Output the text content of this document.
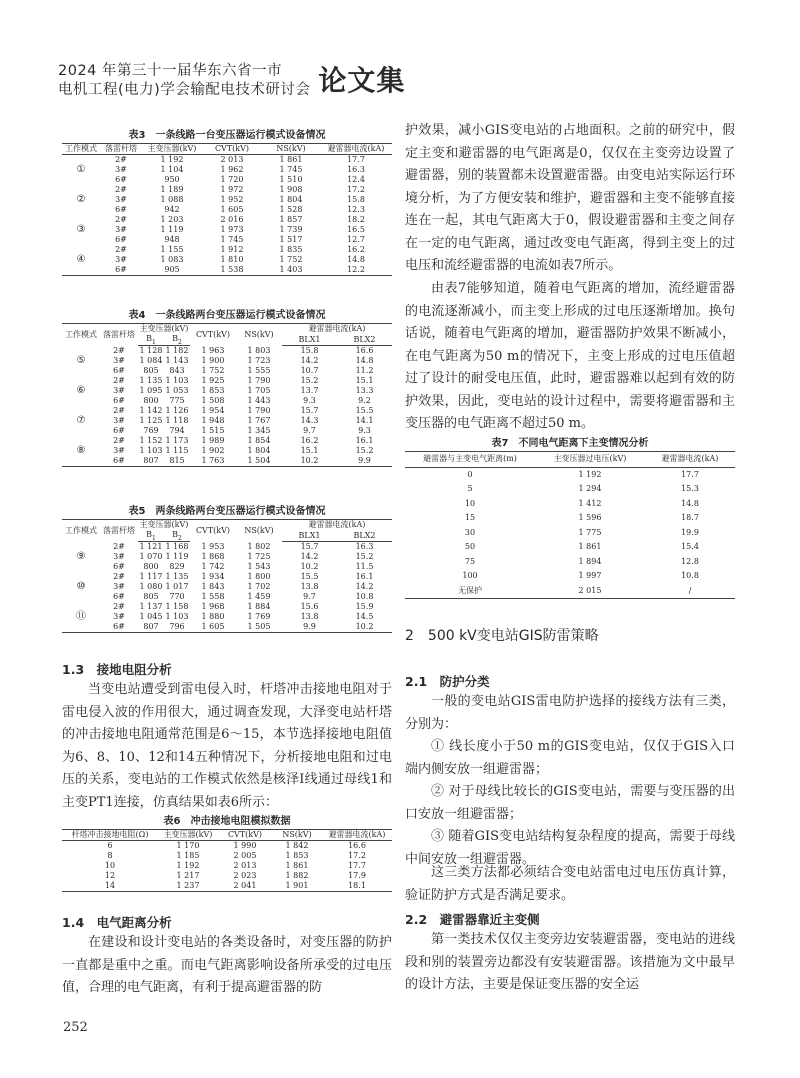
2024 年第三十一届华东六省一市
电机工程(电力)学会输配电技术研讨会 论文集
表3　一条线路一台变压器运行模式设备情况
工作模式	落雷杆塔	主变压器(kV)	CVT(kV)	NS(kV)	避雷器电流(kA)
①	2#	1 192	2 013	1 861	17.7
	3#	1 104	1 962	1 745	16.3
	6#	950	1 720	1 510	12.4
②	2#	1 189	1 972	1 908	17.2
	3#	1 088	1 952	1 804	15.8
	6#	942	1 605	1 528	12.3
③	2#	1 203	2 016	1 857	18.2
	3#	1 119	1 973	1 739	16.5
	6#	948	1 745	1 517	12.7
④	2#	1 155	1 912	1 835	16.2
	3#	1 083	1 810	1 752	14.8
	6#	905	1 538	1 403	12.2
表4　一条线路两台变压器运行模式设备情况
工作模式	落雷杆塔	主变压器(kV)		CVT(kV)	NS(kV)	避雷器电流(kA)	
		$B_1$	$B_2$			BLX1	BLX2
⑤	2#	1 128	1 182	1 963	1 803	15.8	16.6
	3#	1 084	1 143	1 900	1 723	14.2	14.8
	6#	805	843	1 752	1 555	10.7	11.2
⑥	2#	1 135	1 103	1 925	1 790	15.2	15.1
	3#	1 095	1 053	1 853	1 705	13.7	13.3
	6#	800	775	1 508	1 443	9.3	9.2
⑦	2#	1 142	1 126	1 954	1 790	15.7	15.5
	3#	1 125	1 118	1 948	1 767	14.3	14.1
	6#	769	794	1 515	1 345	9.7	9.3
⑧	2#	1 152	1 173	1 989	1 854	16.2	16.1
	3#	1 103	1 115	1 902	1 804	15.1	15.2
	6#	807	815	1 763	1 504	10.2	9.9
表5　两条线路两台变压器运行模式设备情况
工作模式	落雷杆塔	主变压器(kV)		CVT(kV)	NS(kV)	避雷器电流(kA)	
		$B_1$	$B_2$			BLX1	BLX2
⑨	2#	1 121	1 168	1 953	1 802	15.7	16.3
	3#	1 070	1 119	1 868	1 725	14.2	15.2
	6#	800	829	1 742	1 543	10.2	11.5
⑩	2#	1 117	1 135	1 934	1 800	15.5	16.1
	3#	1 080	1 017	1 843	1 702	13.8	14.2
	6#	805	770	1 558	1 459	9.7	10.8
⑪	2#	1 137	1 158	1 968	1 884	15.6	15.9
	3#	1 045	1 103	1 880	1 769	13.8	14.5
	6#	807	796	1 605	1 505	9.9	10.2
1.3　接地电阻分析

当变电站遭受到雷电侵入时，杆塔冲击接地电阻对于雷电侵入波的作用很大，通过调查发现，大泽变电站杆塔的冲击接地电阻通常范围是6～15，本节选择接地电阻值为6、8、10、12和14五种情况下，分析接地电阻和过电压的关系，变电站的工作模式依然是核泽Ⅰ线通过母线1和主变PT1连接，仿真结果如表6所示：

表6　冲击接地电阻模拟数据
杆塔冲击接地电阻(Ω)	主变压器(kV)	CVT(kV)	NS(kV)	避雷器电流(kA)
6	1 170	1 990	1 842	16.6
8	1 185	2 005	1 853	17.2
10	1 192	2 013	1 861	17.7
12	1 217	2 023	1 882	17.9
14	1 237	2 041	1 901	18.1
1.4　电气距离分析

在建设和设计变电站的各类设备时，对变压器的防护一直都是重中之重。而电气距离影响设备所承受的过电压值，合理的电气距离，有利于提高避雷器的防

护效果，减小GIS变电站的占地面积。之前的研究中，假定主变和避雷器的电气距离是0，仅仅在主变旁边设置了避雷器，别的装置都未设置避雷器。由变电站实际运行环境分析，为了方便安装和维护，避雷器和主变不能够直接连在一起，其电气距离大于0，假设避雷器和主变之间存在一定的电气距离，通过改变电气距离，得到主变上的过电压和流经避雷器的电流如表7所示。

由表7能够知道，随着电气距离的增加，流经避雷器的电流逐渐减小，而主变上形成的过电压逐渐增加。换句话说，随着电气距离的增加，避雷器防护效果不断减小，在电气距离为50 m的情况下，主变上形成的过电压值超过了设计的耐受电压值，此时，避雷器难以起到有效的防护效果，因此，变电站的设计过程中，需要将避雷器和主变压器的电气距离不超过50 m。

表7　不同电气距离下主变情况分析
避雷器与主变电气距离(m)	主变压器过电压(kV)	避雷器电流(kA)
0	1 192	17.7
5	1 294	15.3
10	1 412	14.8
15	1 596	18.7
30	1 775	19.9
50	1 861	15.4
75	1 894	12.8
100	1 997	10.8
无保护	2 015	/
2　500 kV变电站GIS防雷策略
2.1　防护分类

一般的变电站GIS雷电防护选择的接线方法有三类，分别为：

① 线长度小于50 m的GIS变电站，仅仅于GIS入口端内侧安放一组避雷器；

② 对于母线比较长的GIS变电站，需要与变压器的出口安放一组避雷器；

③ 随着GIS变电站结构复杂程度的提高，需要于母线中间安放一组避雷器。

这三类方法都必须结合变电站雷电过电压仿真计算，验证防护方式是否满足要求。

2.2　避雷器靠近主变侧

第一类技术仅仅主变旁边安装避雷器，变电站的进线段和别的装置旁边都没有安装避雷器。该措施为文中最早的设计方法，主要是保证变压器的安全运

252
